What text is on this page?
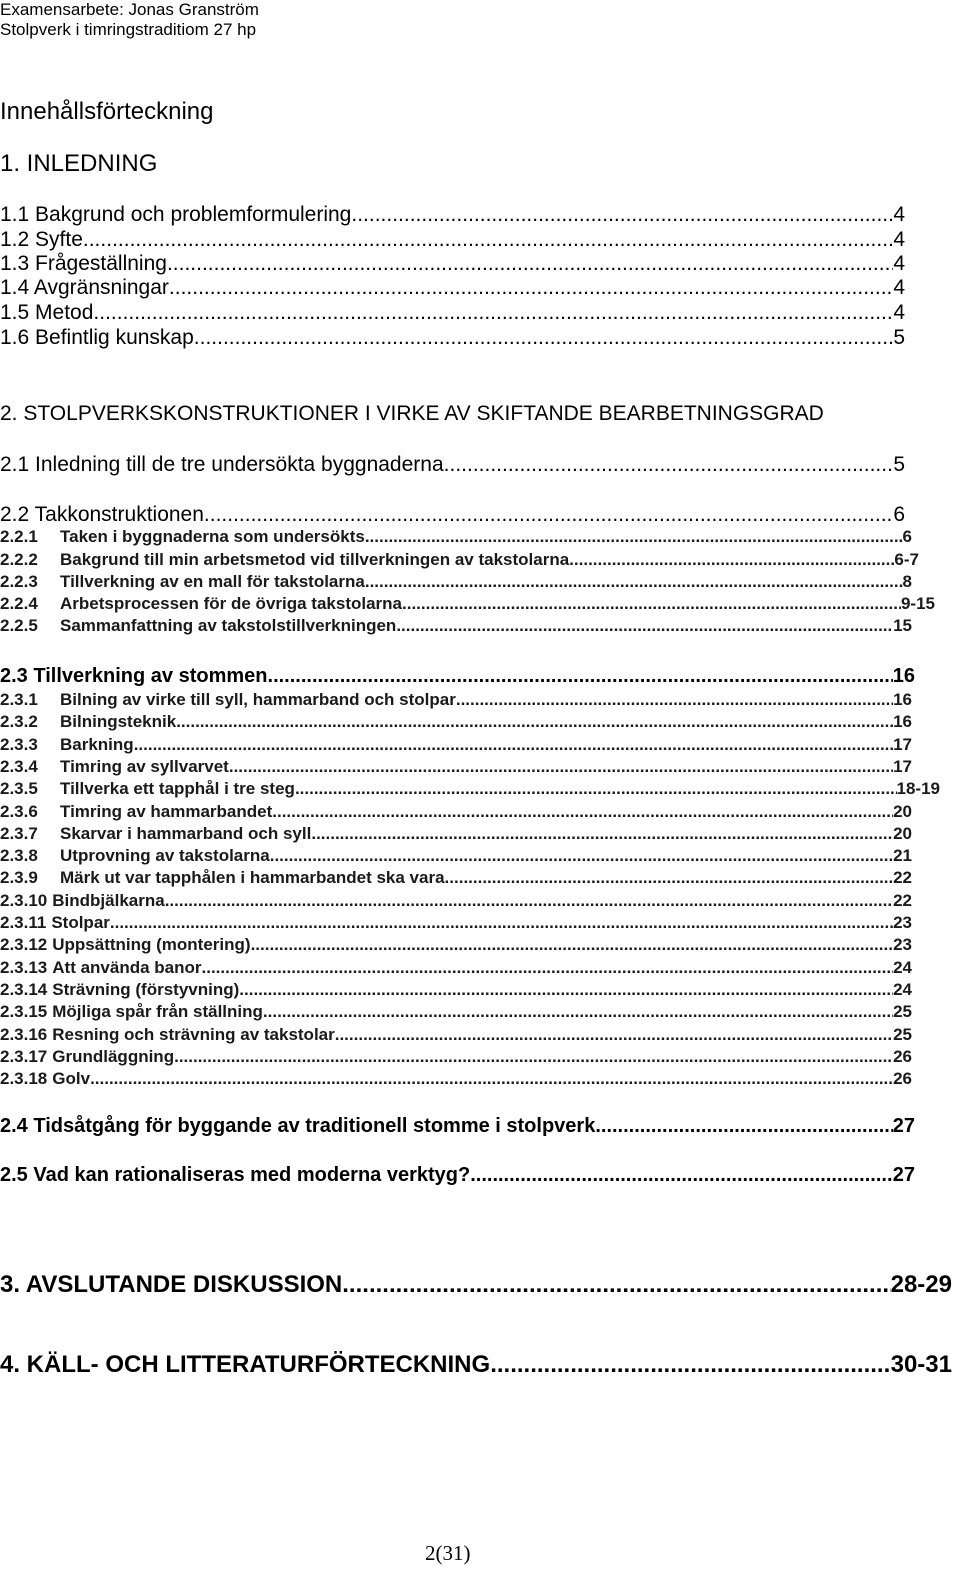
Examensarbete: Jonas Granström
Stolpverk i timringstraditiom 27 hp
Innehållsförteckning
1. INLEDNING
1.1 Bakgrund och problemformulering .....	4
1.2 Syfte .....	4
1.3 Frågeställning .....	4
1.4 Avgränsningar .....	4
1.5 Metod .....	4
1.6 Befintlig kunskap .....	5
2. STOLPVERKSKONSTRUKTIONER I VIRKE AV SKIFTANDE BEARBETNINGSGRAD
2.1 Inledning till de tre undersökta byggnaderna .....	5
2.2 Takkonstruktionen .....	6
2.2.1	Taken i byggnaderna som undersökts .....	6
2.2.2	Bakgrund till min arbetsmetod vid tillverkningen av takstolarna .....	6-7
2.2.3	Tillverkning av en mall för takstolarna .....	8
2.2.4	Arbetsprocessen för de övriga takstolarna .....	9-15
2.2.5	Sammanfattning av takstolstillverkningen .....	15
2.3 Tillverkning av stommen .....	16
2.3.1	Bilning av virke till syll, hammarband och stolpar .....	16
2.3.2	Bilningsteknik .....	16
2.3.3	Barkning .....	17
2.3.4	Timring av syllvarvet .....	17
2.3.5	Tillverka ett tapphål i tre steg .....	18-19
2.3.6	Timring av hammarbandet .....	20
2.3.7	Skarvar i hammarband och syll .....	20
2.3.8	Utprovning av takstolarna .....	21
2.3.9	Märk ut var tapphålen i hammarbandet ska vara .....	22
2.3.10 Bindbjälkarna .....	22
2.3.11 Stolpar .....	23
2.3.12 Uppsättning (montering) .....	23
2.3.13 Att använda banor .....	24
2.3.14 Strävning (förstyvning) .....	24
2.3.15 Möjliga spår från ställning .....	25
2.3.16 Resning och strävning av takstolar .....	25
2.3.17 Grundläggning .....	26
2.3.18 Golv .....	26
2.4 Tidsåtgång för byggande av traditionell stomme i stolpverk .....	27
2.5 Vad kan rationaliseras med moderna verktyg? .....	27
3. AVSLUTANDE DISKUSSION .....	28-29
4. KÄLL- OCH LITTERATURFÖRTECKNING .....	30-31
2(31)
